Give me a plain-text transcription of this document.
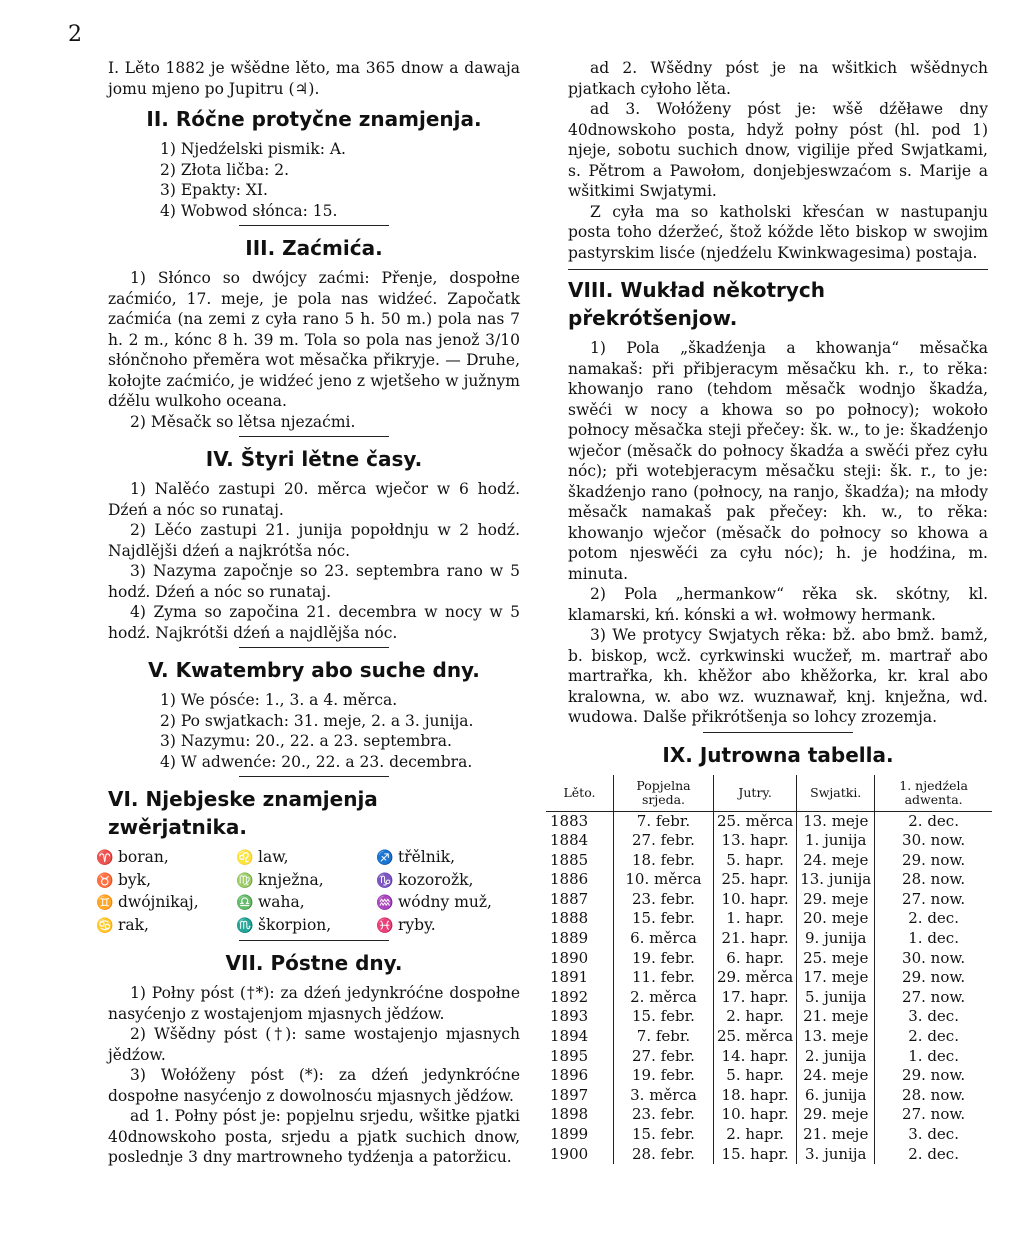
2

I. Lěto 1882 je wšědne lěto, ma 365 dnow a dawaja jomu mjeno po Jupitru (♃).

II. Róčne protyčne znamjenja.
1) Njedźelski pismik: A.
2) Złota ličba: 2.
3) Epakty: XI.
4) Wobwod słónca: 15.
III. Zaćmića.

1) Słónco so dwójcy zaćmi: Přenje, dospołne zaćmićo, 17. meje, je pola nas widźeć. Započatk zaćmića (na zemi z cyła rano 5 h. 50 m.) pola nas 7 h. 2 m., kónc 8 h. 39 m. Tola so pola nas jenož 3/10 słónčnoho přeměra wot měsačka přikryje. — Druhe, kołojte zaćmićo, je widźeć jeno z wjetšeho w južnym dźělu wulkoho oceana.

2) Měsačk so lětsa njezaćmi.

IV. Štyri lětne časy.

1) Nalěćo zastupi 20. měrca wječor w 6 hodź. Dźeń a nóc so runataj.

2) Lěćo zastupi 21. junija popołdnju w 2 hodź. Najdlějši dźeń a najkrótša nóc.

3) Nazyma započnje so 23. septembra rano w 5 hodź. Dźeń a nóc so runataj.

4) Zyma so započina 21. decembra w nocy w 5 hodź. Najkrótši dźeń a najdlějša nóc.

V. Kwatembry abo suche dny.
1) We pósće: 1., 3. a 4. měrca.
2) Po swjatkach: 31. meje, 2. a 3. junija.
3) Nazymu: 20., 22. a 23. septembra.
4) W adwenće: 20., 22. a 23. decembra.
VI. Njebjeske znamjenja zwěrjatnika.
♈ boran,	♌ law,	♐ třělnik,
♉ byk,	♍ knježna,	♑ kozorožk,
♊ dwójnikaj,	♎ waha,	♒ wódny muž,
♋ rak,	♏ škorpion,	♓ ryby.
VII. Póstne dny.

1) Połny póst (†*): za dźeń jedynkróćne dospołne nasyćenjo z wostajenjom mjasnych jědźow.

2) Wšědny póst (†): same wostajenjo mjasnych jědźow.

3) Wołóženy póst (*): za dźeń jedynkróćne dospołne nasyćenjo z dowolnosću mjasnych jědźow.

ad 1. Połny póst je: popjelnu srjedu, wšitke pjatki 40dnowskoho posta, srjedu a pjatk suchich dnow, poslednje 3 dny martrowneho tydźenja a patoržicu.

ad 2. Wšědny póst je na wšitkich wšědnych pjatkach cyłoho lěta.

ad 3. Wołóženy póst je: wšě dźěławe dny 40dnowskoho posta, hdyž połny póst (hl. pod 1) njeje, sobotu suchich dnow, vigilije před Swjatkami, s. Pětrom a Pawołom, donjebjeswzaćom s. Marije a wšitkimi Swjatymi.

Z cyła ma so katholski křesćan w nastupanju posta toho dźeržeć, štož kóžde lěto biskop w swojim pastyrskim lisće (njedźelu Kwinkwagesima) postaja.

VIII. Wukład někotrych překrótšenjow.

1) Pola „škadźenja a khowanja“ měsačka namakaš: při přibjeracym měsačku kh. r., to rěka: khowanjo rano (tehdom měsačk wodnjo škadźa, swěći w nocy a khowa so po połnocy); wokoło połnocy měsačka steji přečey: šk. w., to je: škadźenjo wječor (měsačk do połnocy škadźa a swěći přez cyłu nóc); při wotebjeracym měsačku steji: šk. r., to je: škadźenjo rano (połnocy, na ranjo, škadźa); na młody měsačk namakaš pak přečey: kh. w., to rěka: khowanjo wječor (měsačk do połnocy so khowa a potom njeswěći za cyłu nóc); h. je hodźina, m. minuta.

2) Pola „hermankow“ rěka sk. skótny, kl. klamarski, kń. kónski a wł. wołmowy hermank.

3) We protycy Swjatych rěka: bž. abo bmž. bamž, b. biskop, wcž. cyrkwinski wucžeř, m. martrař abo martrařka, kh. khěžor abo khěžorka, kr. kral abo kralowna, w. abo wz. wuznawař, knj. knježna, wd. wudowa. Dalše přikrótšenja so lohcy zrozemja.

IX. Jutrowna tabella.
Lěto.	Popjelna srjeda.	Jutry.	Swjatki.	1. njedźela adwenta.
1883	7. febr.	25. měrca	13. meje	2. dec.
1884	27. febr.	13. hapr.	1. junija	30. now.
1885	18. febr.	5. hapr.	24. meje	29. now.
1886	10. měrca	25. hapr.	13. junija	28. now.
1887	23. febr.	10. hapr.	29. meje	27. now.
1888	15. febr.	1. hapr.	20. meje	2. dec.
1889	6. měrca	21. hapr.	9. junija	1. dec.
1890	19. febr.	6. hapr.	25. meje	30. now.
1891	11. febr.	29. měrca	17. meje	29. now.
1892	2. měrca	17. hapr.	5. junija	27. now.
1893	15. febr.	2. hapr.	21. meje	3. dec.
1894	7. febr.	25. měrca	13. meje	2. dec.
1895	27. febr.	14. hapr.	2. junija	1. dec.
1896	19. febr.	5. hapr.	24. meje	29. now.
1897	3. měrca	18. hapr.	6. junija	28. now.
1898	23. febr.	10. hapr.	29. meje	27. now.
1899	15. febr.	2. hapr.	21. meje	3. dec.
1900	28. febr.	15. hapr.	3. junija	2. dec.
